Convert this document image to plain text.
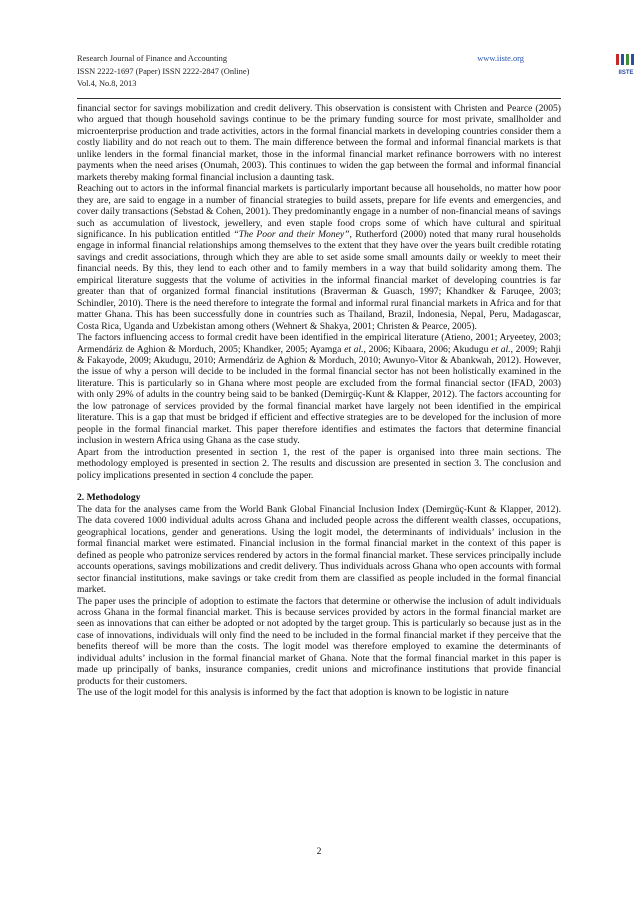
Research Journal of Finance and Accounting
ISSN 2222-1697 (Paper) ISSN 2222-2847 (Online)
Vol.4, No.8, 2013
www.iiste.org
IISTE

financial sector for savings mobilization and credit delivery. This observation is consistent with Christen and Pearce (2005) who argued that though household savings continue to be the primary funding source for most private, smallholder and microenterprise production and trade activities, actors in the formal financial markets in developing countries consider them a costly liability and do not reach out to them. The main difference between the formal and informal financial markets is that unlike lenders in the formal financial market, those in the informal financial market refinance borrowers with no interest payments when the need arises (Onumah, 2003). This continues to widen the gap between the formal and informal financial markets thereby making formal financial inclusion a daunting task.

Reaching out to actors in the informal financial markets is particularly important because all households, no matter how poor they are, are said to engage in a number of financial strategies to build assets, prepare for life events and emergencies, and cover daily transactions (Sebstad & Cohen, 2001). They predominantly engage in a number of non-financial means of savings such as accumulation of livestock, jewellery, and even staple food crops some of which have cultural and spiritual significance. In his publication entitled “The Poor and their Money”, Rutherford (2000) noted that many rural households engage in informal financial relationships among themselves to the extent that they have over the years built credible rotating savings and credit associations, through which they are able to set aside some small amounts daily or weekly to meet their financial needs. By this, they lend to each other and to family members in a way that build solidarity among them. The empirical literature suggests that the volume of activities in the informal financial market of developing countries is far greater than that of organized formal financial institutions (Braverman & Guasch, 1997; Khandker & Faruqee, 2003; Schindler, 2010). There is the need therefore to integrate the formal and informal rural financial markets in Africa and for that matter Ghana. This has been successfully done in countries such as Thailand, Brazil, Indonesia, Nepal, Peru, Madagascar, Costa Rica, Uganda and Uzbekistan among others (Wehnert & Shakya, 2001; Christen & Pearce, 2005).

The factors influencing access to formal credit have been identified in the empirical literature (Atieno, 2001; Aryeetey, 2003; Armendáriz de Aghion & Morduch, 2005; Khandker, 2005; Ayamga et al., 2006; Kibaara, 2006; Akudugu et al., 2009; Rahji & Fakayode, 2009; Akudugu, 2010; Armendáriz de Aghion & Morduch, 2010; Awunyo-Vitor & Abankwah, 2012). However, the issue of why a person will decide to be included in the formal financial sector has not been holistically examined in the literature. This is particularly so in Ghana where most people are excluded from the formal financial sector (IFAD, 2003) with only 29% of adults in the country being said to be banked (Demirgüç-Kunt & Klapper, 2012). The factors accounting for the low patronage of services provided by the formal financial market have largely not been identified in the empirical literature. This is a gap that must be bridged if efficient and effective strategies are to be developed for the inclusion of more people in the formal financial market. This paper therefore identifies and estimates the factors that determine financial inclusion in western Africa using Ghana as the case study.

Apart from the introduction presented in section 1, the rest of the paper is organised into three main sections. The methodology employed is presented in section 2. The results and discussion are presented in section 3. The conclusion and policy implications presented in section 4 conclude the paper.

2. Methodology

The data for the analyses came from the World Bank Global Financial Inclusion Index (Demirgüç-Kunt & Klapper, 2012). The data covered 1000 individual adults across Ghana and included people across the different wealth classes, occupations, geographical locations, gender and generations. Using the logit model, the determinants of individuals’ inclusion in the formal financial market were estimated. Financial inclusion in the formal financial market in the context of this paper is defined as people who patronize services rendered by actors in the formal financial market. These services principally include accounts operations, savings mobilizations and credit delivery. Thus individuals across Ghana who open accounts with formal sector financial institutions, make savings or take credit from them are classified as people included in the formal financial market.

The paper uses the principle of adoption to estimate the factors that determine or otherwise the inclusion of adult individuals across Ghana in the formal financial market. This is because services provided by actors in the formal financial market are seen as innovations that can either be adopted or not adopted by the target group. This is particularly so because just as in the case of innovations, individuals will only find the need to be included in the formal financial market if they perceive that the benefits thereof will be more than the costs. The logit model was therefore employed to examine the determinants of individual adults’ inclusion in the formal financial market of Ghana. Note that the formal financial market in this paper is made up principally of banks, insurance companies, credit unions and microfinance institutions that provide financial products for their customers.

The use of the logit model for this analysis is informed by the fact that adoption is known to be logistic in nature

2
